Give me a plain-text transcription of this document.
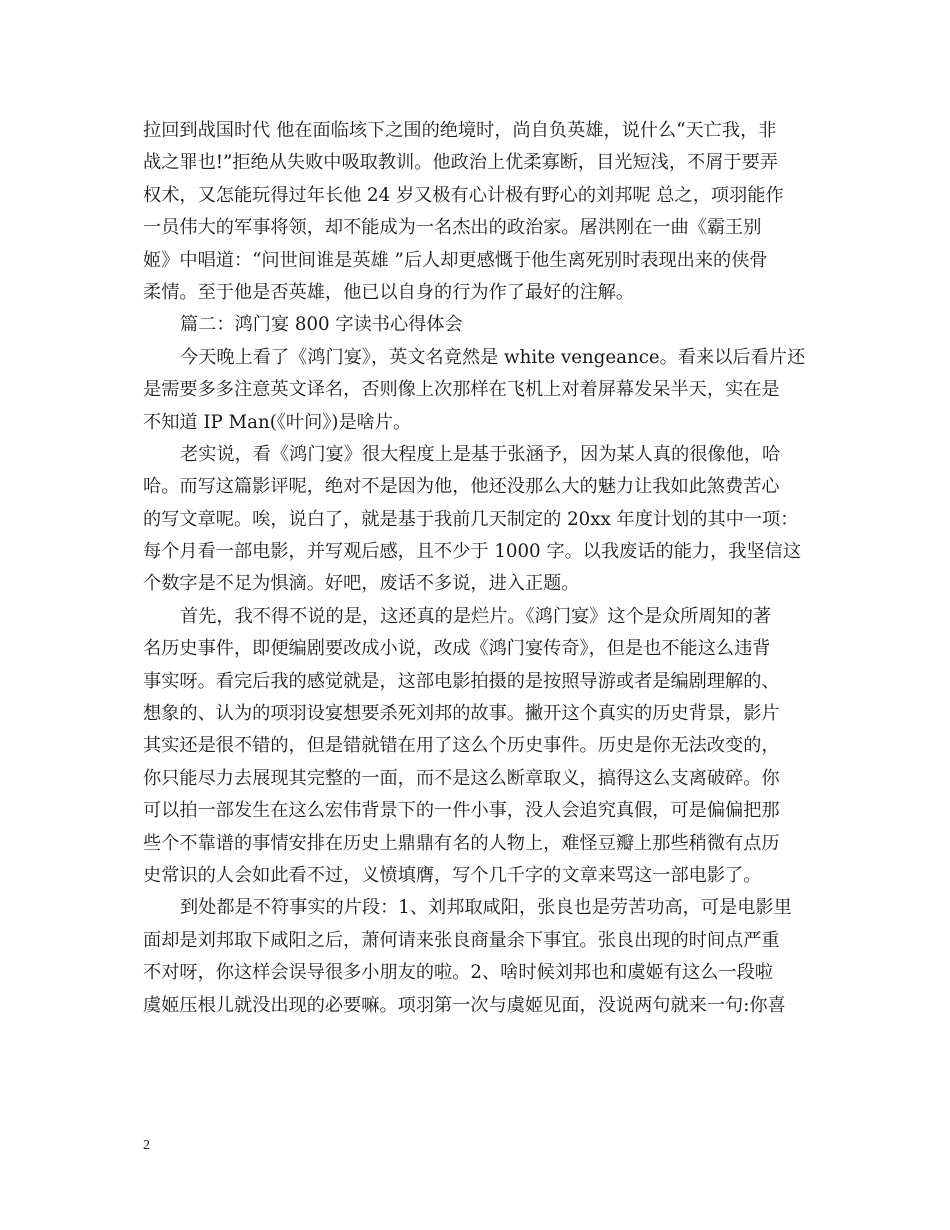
拉回到战国时代 他在面临垓下之围的绝境时，尚自负英雄，说什么“天亡我，非
战之罪也!”拒绝从失败中吸取教训。他政治上优柔寡断，目光短浅，不屑于要弄
权术，又怎能玩得过年长他 24 岁又极有心计极有野心的刘邦呢 总之，项羽能作
一员伟大的军事将领，却不能成为一名杰出的政治家。屠洪刚在一曲《霸王别
姬》中唱道：“问世间谁是英雄 ”后人却更感慨于他生离死别时表现出来的侠骨
柔情。至于他是否英雄，他已以自身的行为作了最好的注解。
篇二：鸿门宴 800 字读书心得体会
今天晚上看了《鸿门宴》，英文名竟然是 white vengeance。看来以后看片还
是需要多多注意英文译名，否则像上次那样在飞机上对着屏幕发呆半天，实在是
不知道 IP Man(《叶问》)是啥片。
老实说，看《鸿门宴》很大程度上是基于张涵予，因为某人真的很像他，哈
哈。而写这篇影评呢，绝对不是因为他，他还没那么大的魅力让我如此煞费苦心
的写文章呢。唉，说白了，就是基于我前几天制定的 20xx 年度计划的其中一项：
每个月看一部电影，并写观后感，且不少于 1000 字。以我废话的能力，我坚信这
个数字是不足为惧滴。好吧，废话不多说，进入正题。
首先，我不得不说的是，这还真的是烂片。《鸿门宴》这个是众所周知的著
名历史事件，即便编剧要改成小说，改成《鸿门宴传奇》，但是也不能这么违背
事实呀。看完后我的感觉就是，这部电影拍摄的是按照导游或者是编剧理解的、
想象的、认为的项羽设宴想要杀死刘邦的故事。撇开这个真实的历史背景，影片
其实还是很不错的，但是错就错在用了这么个历史事件。历史是你无法改变的，
你只能尽力去展现其完整的一面，而不是这么断章取义，搞得这么支离破碎。你
可以拍一部发生在这么宏伟背景下的一件小事，没人会追究真假，可是偏偏把那
些个不靠谱的事情安排在历史上鼎鼎有名的人物上，难怪豆瓣上那些稍微有点历
史常识的人会如此看不过，义愤填膺，写个几千字的文章来骂这一部电影了。
到处都是不符事实的片段：1、刘邦取咸阳，张良也是劳苦功高，可是电影里
面却是刘邦取下咸阳之后，萧何请来张良商量余下事宜。张良出现的时间点严重
不对呀，你这样会误导很多小朋友的啦。2、啥时候刘邦也和虞姬有这么一段啦
虞姬压根儿就没出现的必要嘛。项羽第一次与虞姬见面，没说两句就来一句:你喜
2
